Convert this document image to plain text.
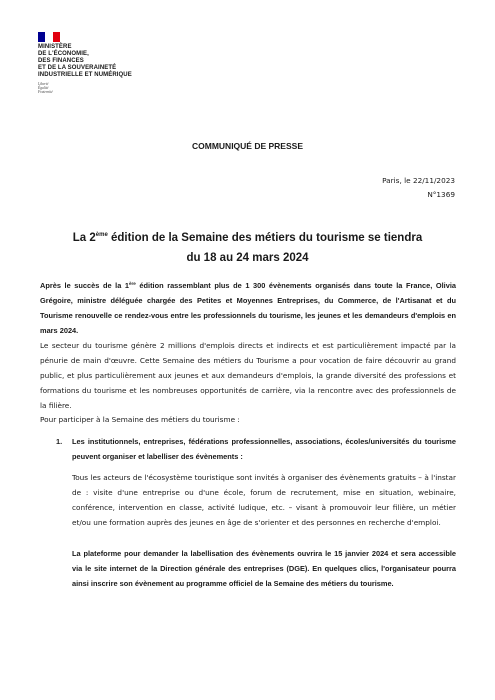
MINISTÈRE
DE L'ÉCONOMIE,
DES FINANCES
ET DE LA SOUVERAINETÉ
INDUSTRIELLE ET NUMÉRIQUE
Liberté
Égalité
Fraternité
COMMUNIQUÉ DE PRESSE
Paris, le 22/11/2023
N°1369
La 2ème édition de la Semaine des métiers du tourisme se tiendra
du 18 au 24 mars 2024
Après le succès de la 1ère édition rassemblant plus de 1 300 évènements organisés dans toute la France, Olivia Grégoire, ministre déléguée chargée des Petites et Moyennes Entreprises, du Commerce, de l'Artisanat et du Tourisme renouvelle ce rendez-vous entre les professionnels du tourisme, les jeunes et les demandeurs d'emplois en mars 2024.
Le secteur du tourisme génère 2 millions d'emplois directs et indirects et est particulièrement impacté par la pénurie de main d'œuvre. Cette Semaine des métiers du Tourisme a pour vocation de faire découvrir au grand public, et plus particulièrement aux jeunes et aux demandeurs d'emplois, la grande diversité des professions et formations du tourisme et les nombreuses opportunités de carrière, via la rencontre avec des professionnels de la filière.
Pour participer à la Semaine des métiers du tourisme :
1. Les institutionnels, entreprises, fédérations professionnelles, associations, écoles/universités du tourisme peuvent organiser et labelliser des évènements :
Tous les acteurs de l'écosystème touristique sont invités à organiser des évènements gratuits – à l'instar de : visite d'une entreprise ou d'une école, forum de recrutement, mise en situation, webinaire, conférence, intervention en classe, activité ludique, etc. – visant à promouvoir leur filière, un métier et/ou une formation auprès des jeunes en âge de s'orienter et des personnes en recherche d'emploi.
La plateforme pour demander la labellisation des évènements ouvrira le 15 janvier 2024 et sera accessible via le site internet de la Direction générale des entreprises (DGE). En quelques clics, l'organisateur pourra ainsi inscrire son évènement au programme officiel de la Semaine des métiers du tourisme.
